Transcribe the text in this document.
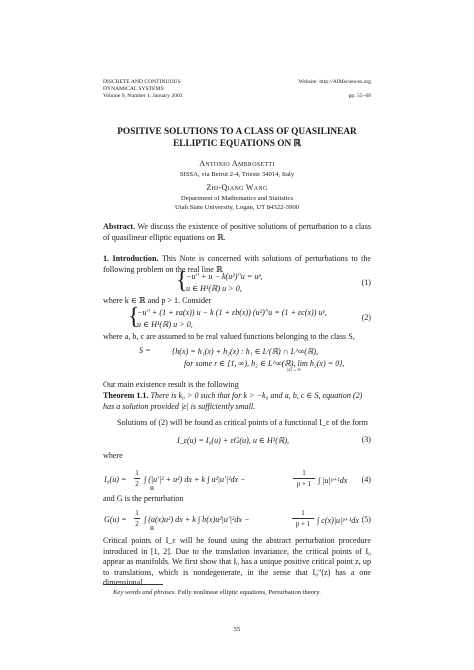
DISCRETE AND CONTINUOUS
DYNAMICAL SYSTEMS
Volume 9, Number 1, January 2003
Website: http://AIMsciences.org
pp. 55–68
POSITIVE SOLUTIONS TO A CLASS OF QUASILINEAR
ELLIPTIC EQUATIONS ON ℝ
Antonio Ambrosetti
SISSA, via Beirut 2-4, Trieste 34014, Italy
Zhi-Qiang Wang
Department of Mathematics and Statistics
Utah State University, Logan, UT 84322-3900
Abstract. We discuss the existence of positive solutions of perturbation to a class of quasilinear elliptic equations on ℝ.
1. Introduction. This Note is concerned with solutions of perturbations to the following problem on the real line ℝ
{
−u″ + u − k(u²)″u = uᵖ,
u ∈ H¹(ℝ) u > 0,
(1)
where k ∈ ℝ and p > 1. Consider
{
−u″ + (1 + εa(x)) u − k (1 + εb(x)) (u²)″u = (1 + εc(x)) uᵖ,
u ∈ H¹(ℝ) u > 0,
(2)
where a, b, c are assumed to be real valued functions belonging to the class S,
S =	{h(x) = h₁(x) + h₂(x) : h₁ ∈ Lʳ(ℝ) ∩ L^∞(ℝ),
for some r ∈ [1, ∞), h₂ ∈ L^∞(ℝ), lim h₂(x) = 0},
|x|→∞
Our main existence result is the following
Theorem 1.1. There is k₀ > 0 such that for k > −k₀ and a, b, c ∈ S, equation (2)
has a solution provided |ε| is sufficiently small.
Solutions of (2) will be found as critical points of a functional I_ε of the form
I_ε(u) = I₀(u) + εG(u), u ∈ H¹(ℝ),	(3)
where
I₀(u) =
1
2 ∫ (|u′|² + u²) dx + k ∫ u²|u′|²dx −
1
p + 1 ∫ |u|ᵖ⁺¹dx
ℝ
(4)
and G is the perturbation
G(u) =
1
2 ∫ (a(x)u²) dx + k ∫ b(x)u²|u′|²dx −
1
p + 1 ∫ c(x)|u|ᵖ⁺¹dx
ℝ
(5)
Critical points of I_ε will be found using the abstract perturbation procedure introduced in [1, 2]. Due to the translation invariance, the critical points of I₀ appear as manifolds. We first show that I₀ has a unique positive critical point z, up to translations, which is nondegenerate, in the sense that I₀″(z) has a one dimensional
Key words and phrases. Fully nonlinear elliptic equations, Perturbation theory.
55
